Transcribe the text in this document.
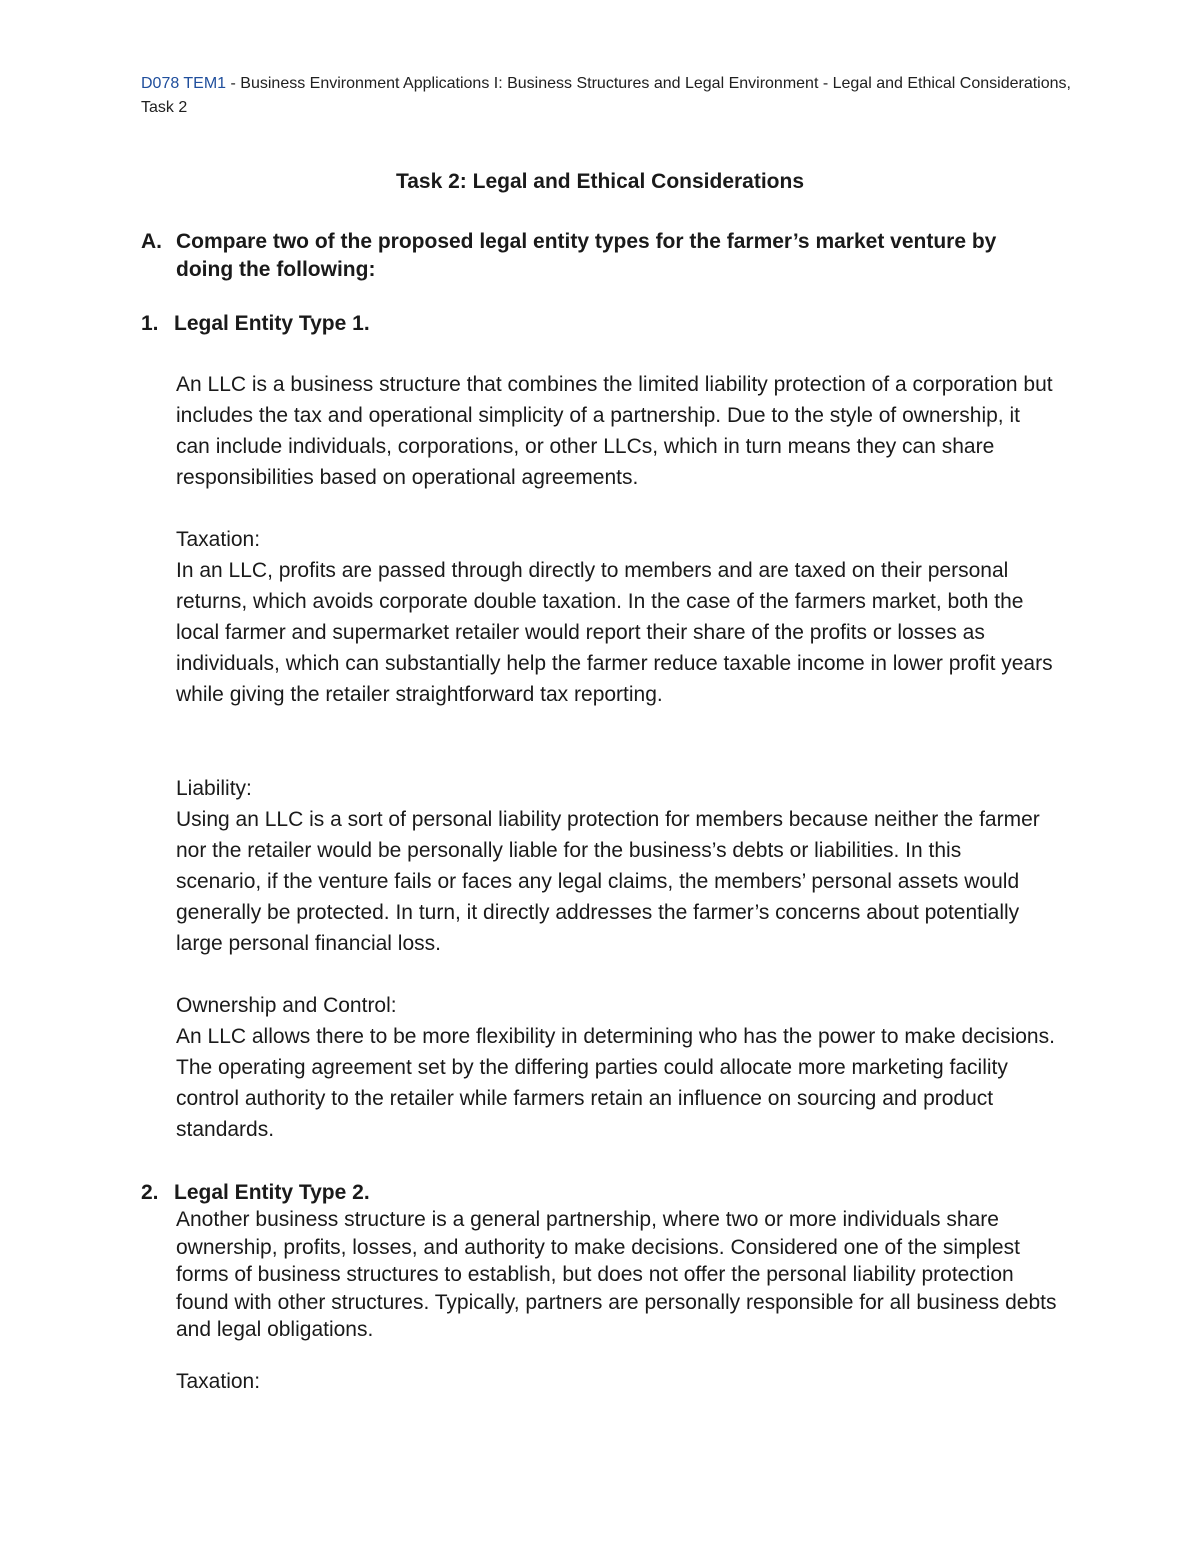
D078 TEM1 - Business Environment Applications I: Business Structures and Legal Environment - Legal and Ethical Considerations, Task 2
Task 2: Legal and Ethical Considerations
A. Compare two of the proposed legal entity types for the farmer’s market venture by doing the following:

1. Legal Entity Type 1.

An LLC is a business structure that combines the limited liability protection of a corporation but includes the tax and operational simplicity of a partnership. Due to the style of ownership, it can include individuals, corporations, or other LLCs, which in turn means they can share responsibilities based on operational agreements.

Taxation:

In an LLC, profits are passed through directly to members and are taxed on their personal returns, which avoids corporate double taxation. In the case of the farmers market, both the local farmer and supermarket retailer would report their share of the profits or losses as individuals, which can substantially help the farmer reduce taxable income in lower profit years while giving the retailer straightforward tax reporting.

Liability:

Using an LLC is a sort of personal liability protection for members because neither the farmer nor the retailer would be personally liable for the business’s debts or liabilities. In this scenario, if the venture fails or faces any legal claims, the members’ personal assets would generally be protected. In turn, it directly addresses the farmer’s concerns about potentially large personal financial loss.

Ownership and Control:

An LLC allows there to be more flexibility in determining who has the power to make decisions. The operating agreement set by the differing parties could allocate more marketing facility control authority to the retailer while farmers retain an influence on sourcing and product standards.

2. Legal Entity Type 2.

Another business structure is a general partnership, where two or more individuals share ownership, profits, losses, and authority to make decisions. Considered one of the simplest forms of business structures to establish, but does not offer the personal liability protection found with other structures. Typically, partners are personally responsible for all business debts and legal obligations.

Taxation:
